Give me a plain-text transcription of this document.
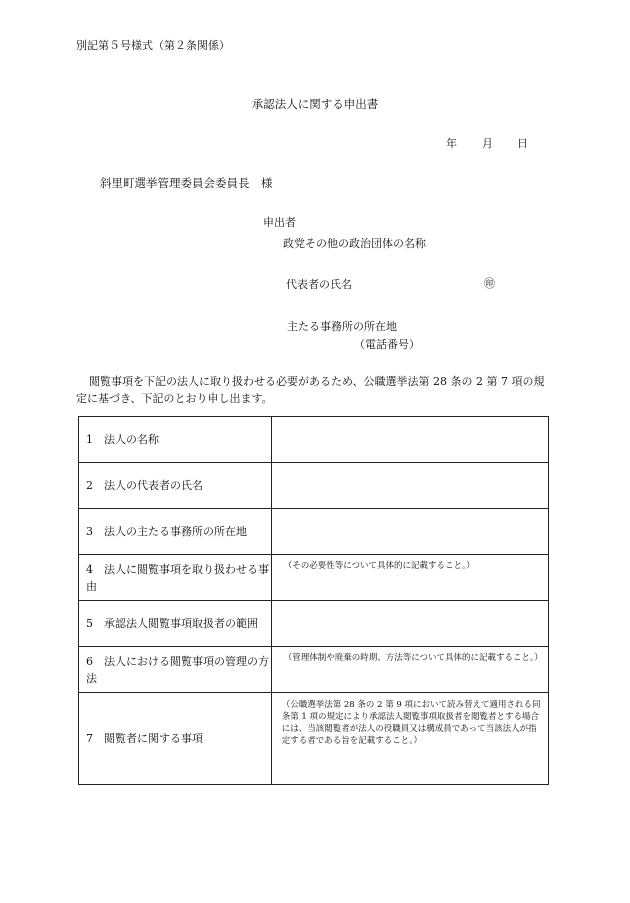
別記第５号様式（第２条関係）
承認法人に関する申出書
年 月 日
斜里町選挙管理委員会委員長　様
申出者
政党その他の政治団体の名称
代表者の氏名	㊞
主たる事務所の所在地
（電話番号）
閲覧事項を下記の法人に取り扱わせる必要があるため、公職選挙法第 28 条の 2 第 7 項の規定に基づき、下記のとおり申し出ます。
1　法人の名称	
2　法人の代表者の氏名	
3　法人の主たる事務所の所在地	
4　法人に閲覧事項を取り扱わせる事由	（その必要性等について具体的に記載すること。）

5　承認法人閲覧事項取扱者の範囲	
6　法人における閲覧事項の管理の方法	（管理体制や廃棄の時期、方法等について具体的に記載すること。）

7　閲覧者に関する事項	（公職選挙法第 28 条の 2 第 9 項において読み替えて適用される同条第 1 項の規定により承認法人閲覧事項取扱者を閲覧者とする場合には、当該閲覧者が法人の役職員又は構成員であって当該法人が指定する者である旨を記載すること。）
